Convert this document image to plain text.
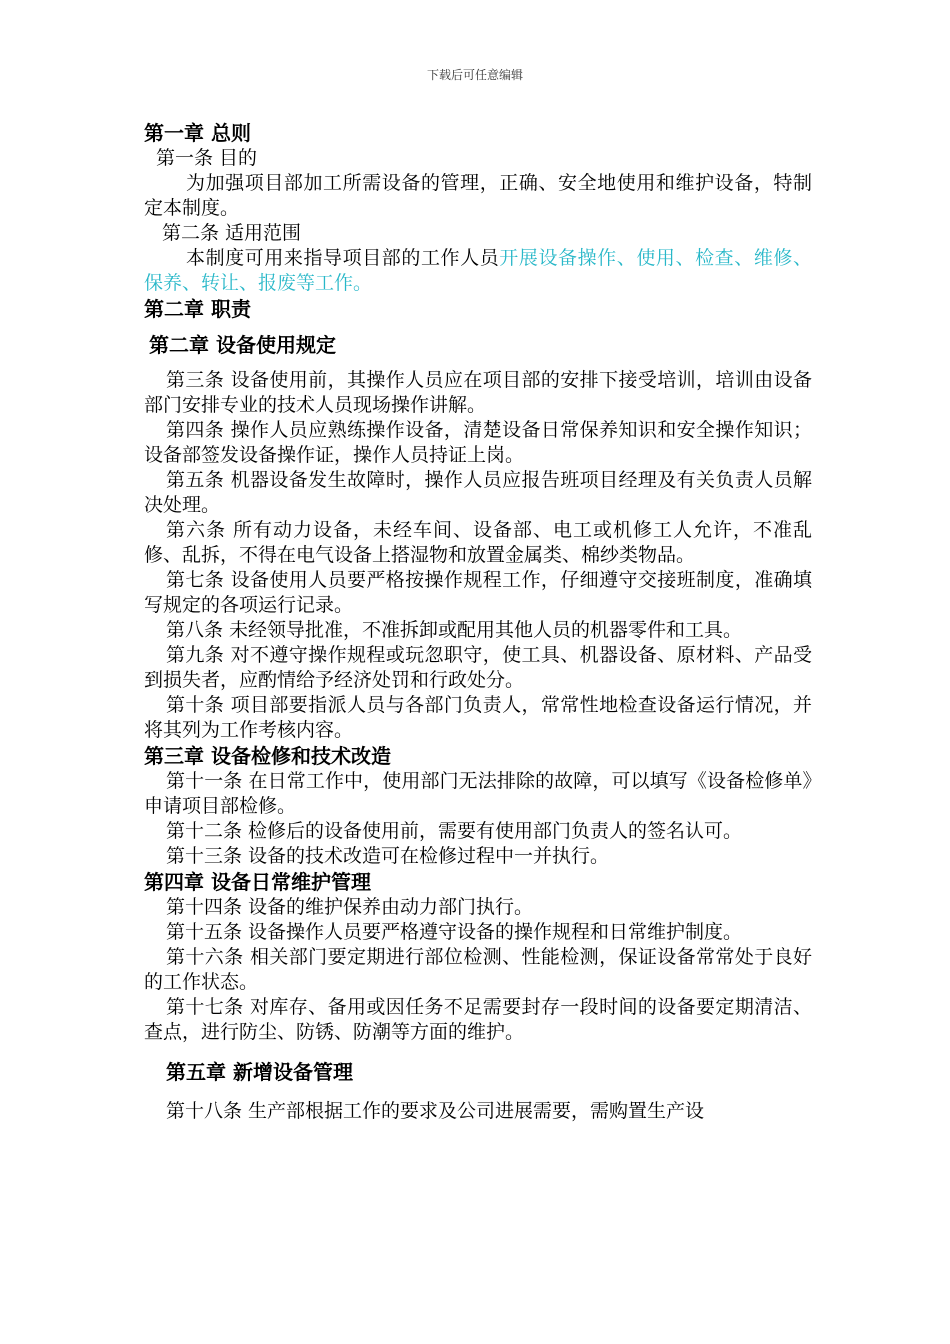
下载后可任意编辑
第一章 总则
第一条 目的
为加强项目部加工所需设备的管理，正确、安全地使用和维护设备，特制定本制度。
第二条 适用范围
本制度可用来指导项目部的工作人员开展设备操作、使用、检查、维修、保养、转让、报废等工作。
第二章 职责
第二章 设备使用规定
第三条 设备使用前，其操作人员应在项目部的安排下接受培训，培训由设备部门安排专业的技术人员现场操作讲解。
第四条 操作人员应熟练操作设备，清楚设备日常保养知识和安全操作知识；设备部签发设备操作证，操作人员持证上岗。
第五条 机器设备发生故障时，操作人员应报告班项目经理及有关负责人员解决处理。
第六条 所有动力设备，未经车间、设备部、电工或机修工人允许，不准乱修、乱拆，不得在电气设备上搭湿物和放置金属类、棉纱类物品。
第七条 设备使用人员要严格按操作规程工作，仔细遵守交接班制度，准确填写规定的各项运行记录。
第八条 未经领导批准，不准拆卸或配用其他人员的机器零件和工具。
第九条 对不遵守操作规程或玩忽职守，使工具、机器设备、原材料、产品受到损失者，应酌情给予经济处罚和行政处分。
第十条 项目部要指派人员与各部门负责人，常常性地检查设备运行情况，并将其列为工作考核内容。
第三章 设备检修和技术改造
第十一条 在日常工作中，使用部门无法排除的故障，可以填写《设备检修单》申请项目部检修。
第十二条 检修后的设备使用前，需要有使用部门负责人的签名认可。
第十三条 设备的技术改造可在检修过程中一并执行。
第四章 设备日常维护管理
第十四条 设备的维护保养由动力部门执行。
第十五条 设备操作人员要严格遵守设备的操作规程和日常维护制度。
第十六条 相关部门要定期进行部位检测、性能检测，保证设备常常处于良好的工作状态。
第十七条 对库存、备用或因任务不足需要封存一段时间的设备要定期清洁、查点，进行防尘、防锈、防潮等方面的维护。
第五章 新增设备管理
第十八条 生产部根据工作的要求及公司进展需要，需购置生产设
